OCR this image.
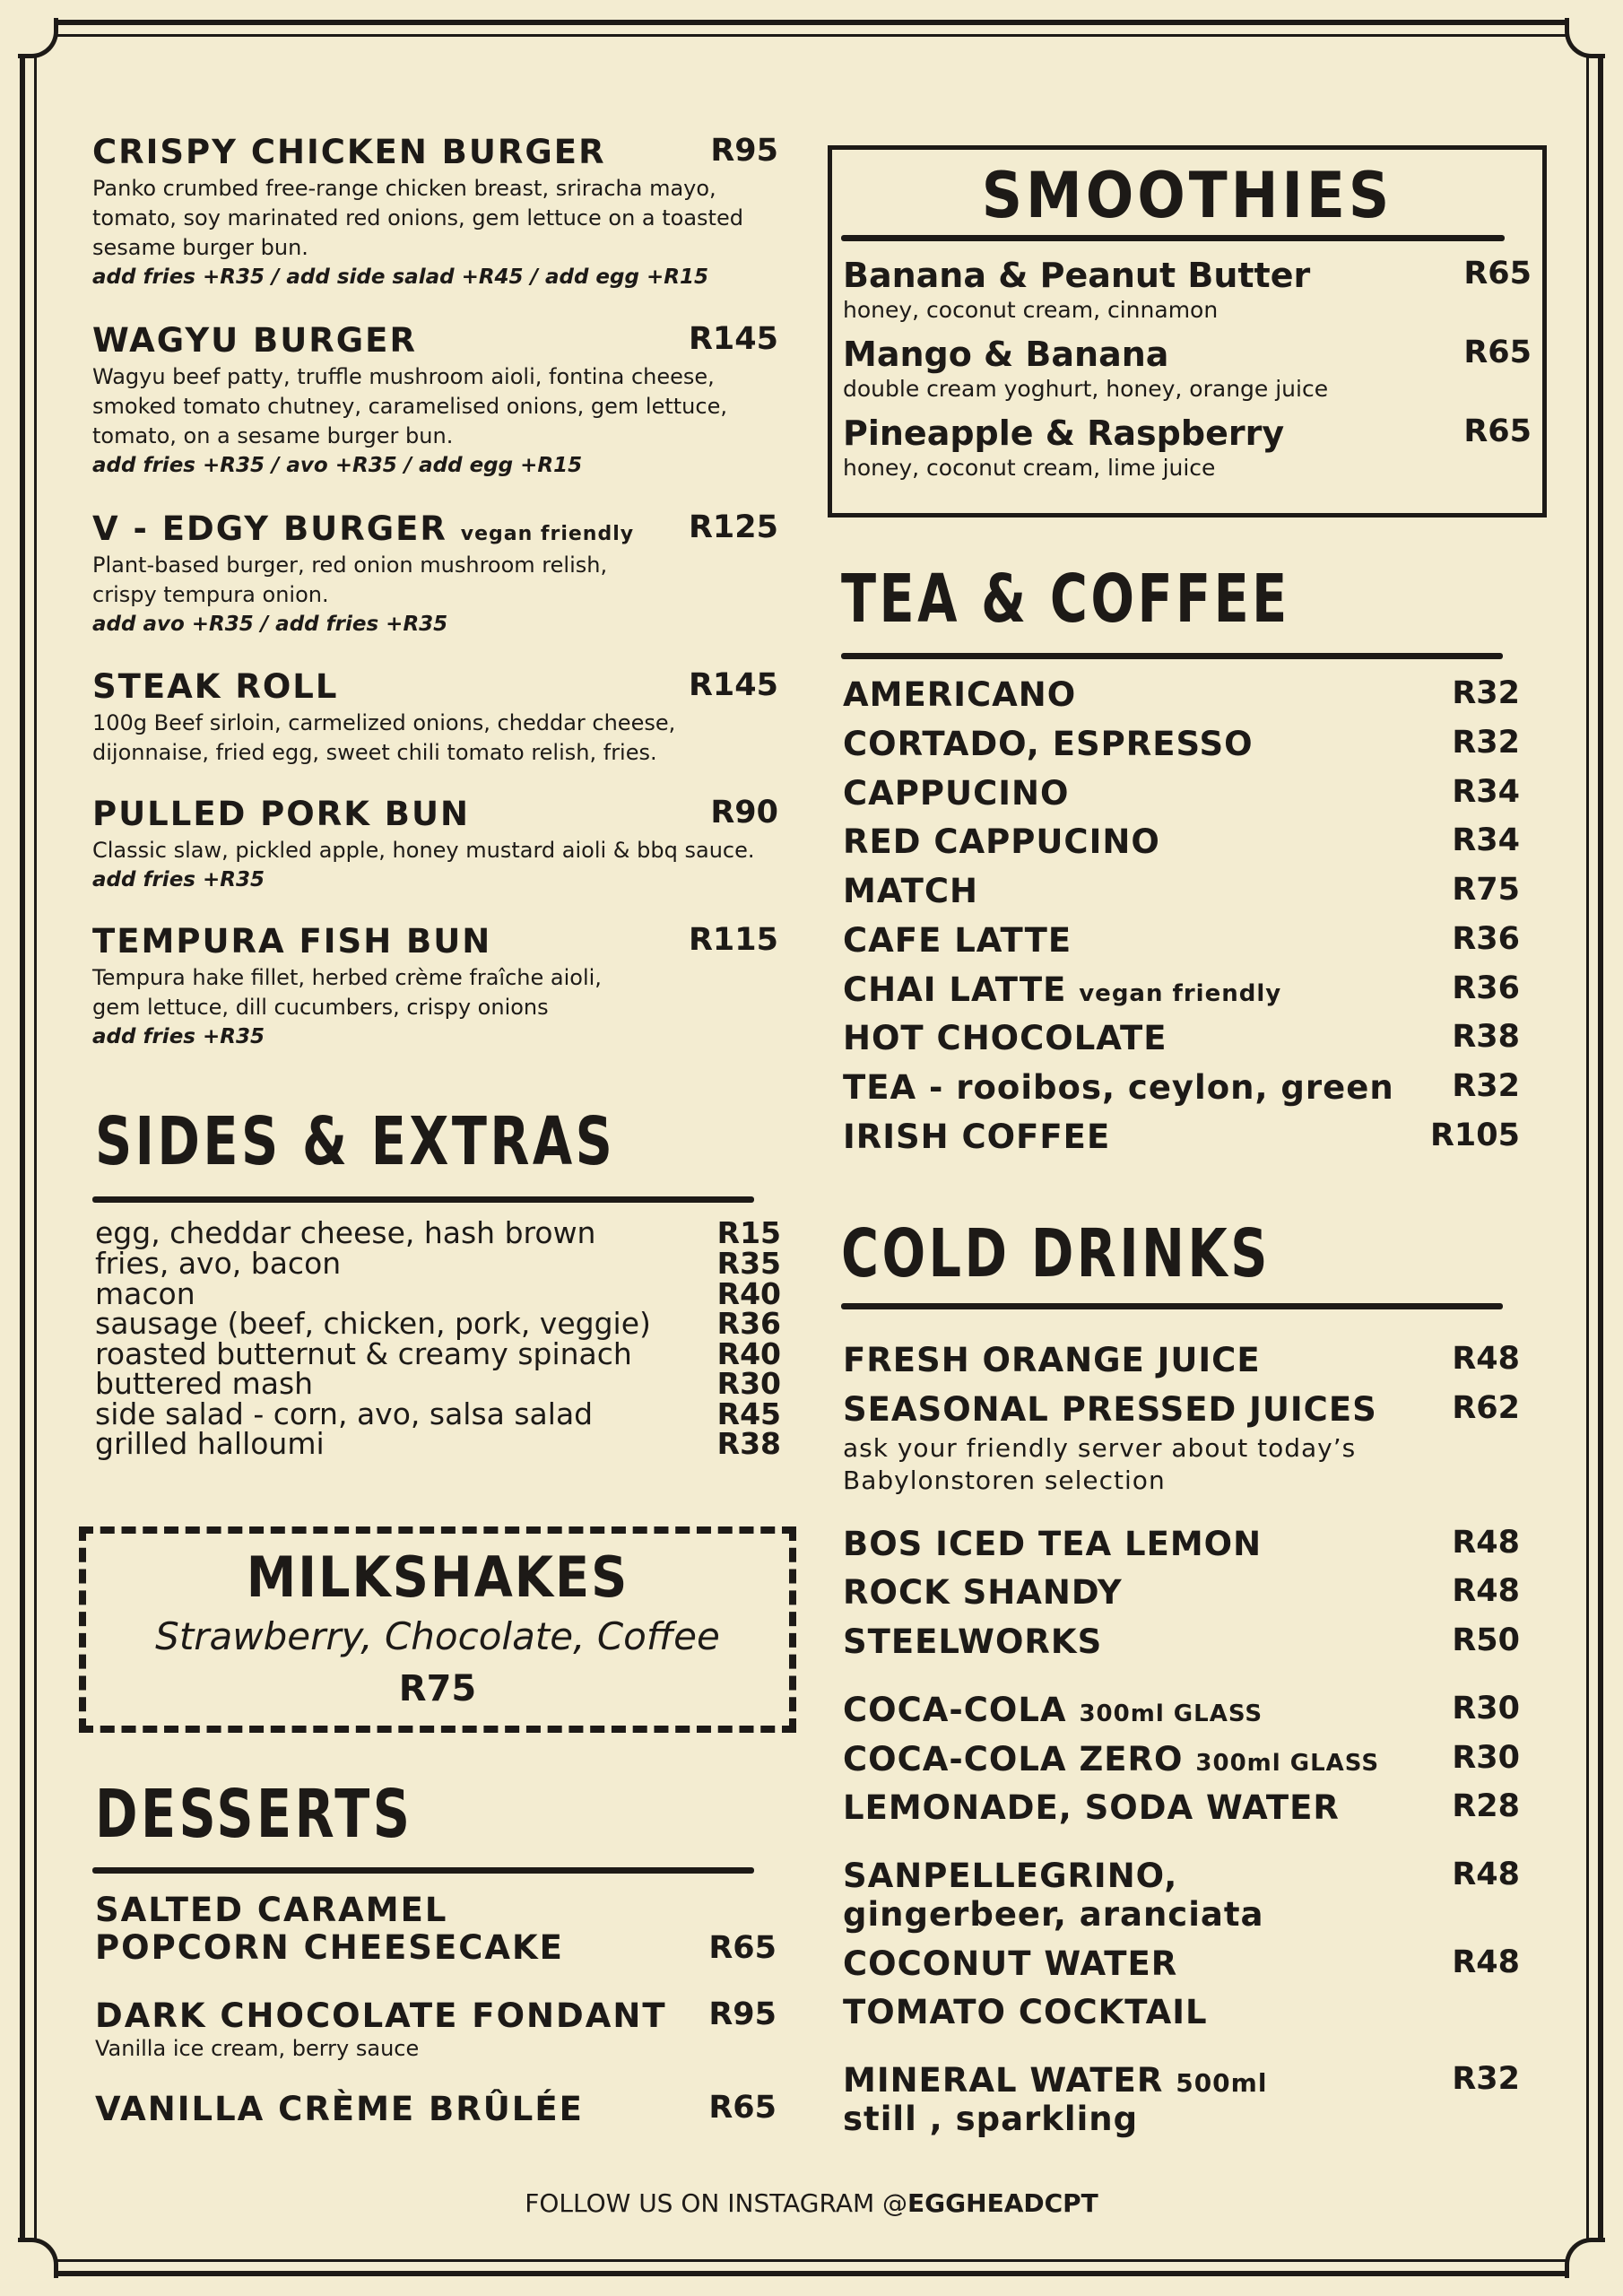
CRISPY CHICKEN BURGER	R95
Panko crumbed free-range chicken breast, sriracha mayo,
tomato, soy marinated red onions, gem lettuce on a toasted
sesame burger bun.
add fries +R35 / add side salad +R45 / add egg +R15
WAGYU BURGER	R145
Wagyu beef patty, truffle mushroom aioli, fontina cheese,
smoked tomato chutney, caramelised onions, gem lettuce,
tomato, on a sesame burger bun.
add fries +R35 / avo +R35 / add egg +R15
V - EDGY BURGER vegan friendly R125
Plant-based burger, red onion mushroom relish,
crispy tempura onion.
add avo +R35 / add fries +R35
STEAK ROLL	R145
100g Beef sirloin, carmelized onions, cheddar cheese,
dijonnaise, fried egg, sweet chili tomato relish, fries.
PULLED PORK BUN	R90
Classic slaw, pickled apple, honey mustard aioli & bbq sauce.
add fries +R35
TEMPURA FISH BUN	R115
Tempura hake fillet, herbed crème fraîche aioli,
gem lettuce, dill cucumbers, crispy onions
add fries +R35
SIDES & EXTRAS
egg, cheddar cheese, hash brown	R15
fries, avo, bacon	R35
macon	R40
sausage (beef, chicken, pork, veggie) R36
roasted butternut & creamy spinach	R40
buttered mash	R30
side salad - corn, avo, salsa salad	R45
grilled halloumi	R38
MILKSHAKES
Strawberry, Chocolate, Coffee
R75
DESSERTS
SALTED CARAMEL
POPCORN CHEESECAKE	R65
DARK CHOCOLATE FONDANT R95
Vanilla ice cream, berry sauce
VANILLA CRÈME BRÛLÉE	R65
SMOOTHIES
Banana & Peanut Butter	R65
honey, coconut cream, cinnamon
Mango & Banana	R65
double cream yoghurt, honey, orange juice
Pineapple & Raspberry	R65
honey, coconut cream, lime juice
TEA & COFFEE
AMERICANO	R32
CORTADO, ESPRESSO	R32
CAPPUCINO	R34
RED CAPPUCINO	R34
MATCH	R75
CAFE LATTE	R36
CHAI LATTE vegan friendly	R36
HOT CHOCOLATE	R38
TEA - rooibos, ceylon, green R32
IRISH COFFEE	R105
COLD DRINKS
FRESH ORANGE JUICE	R48
SEASONAL PRESSED JUICES R62
ask your friendly server about today’s
Babylonstoren selection
BOS ICED TEA LEMON	R48
ROCK SHANDY	R48
STEELWORKS	R50
COCA-COLA 300ml GLASS	R30
COCA-COLA ZERO 300ml GLASS R30
LEMONADE, SODA WATER	R28
SANPELLEGRINO,	R48
gingerbeer, aranciata
COCONUT WATER	R48
TOMATO COCKTAIL
MINERAL WATER 500ml	R32
still , sparkling
FOLLOW US ON INSTAGRAM @EGGHEADCPT
